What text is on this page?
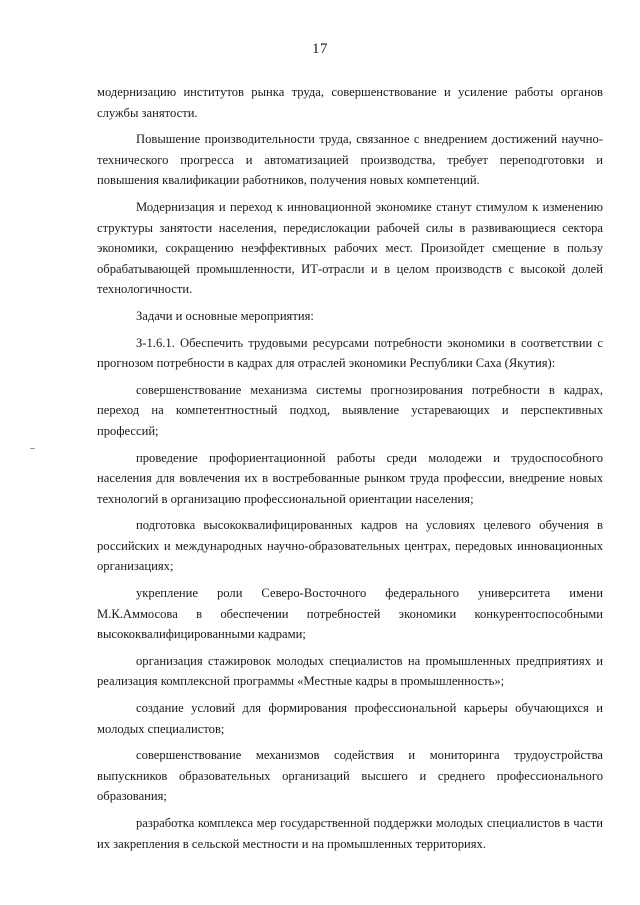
17

модернизацию институтов рынка труда, совершенствование и усиление работы органов службы занятости.

Повышение производительности труда, связанное с внедрением достижений научно-технического прогресса и автоматизацией производства, требует переподготовки и повышения квалификации работников, получения новых компетенций.

Модернизация и переход к инновационной экономике станут стимулом к изменению структуры занятости населения, передислокации рабочей силы в развивающиеся сектора экономики, сокращению неэффективных рабочих мест. Произойдет смещение в пользу обрабатывающей промышленности, ИТ-отрасли и в целом производств с высокой долей технологичности.

Задачи и основные мероприятия:

З-1.6.1. Обеспечить трудовыми ресурсами потребности экономики в соответствии с прогнозом потребности в кадрах для отраслей экономики Республики Саха (Якутия):

совершенствование механизма системы прогнозирования потребности в кадрах, переход на компетентностный подход, выявление устаревающих и перспективных профессий;

проведение профориентационной работы среди молодежи и трудоспособного населения для вовлечения их в востребованные рынком труда профессии, внедрение новых технологий в организацию профессиональной ориентации населения;

подготовка высококвалифицированных кадров на условиях целевого обучения в российских и международных научно-образовательных центрах, передовых инновационных организациях;

укрепление роли Северо-Восточного федерального университета имени М.К.Аммосова в обеспечении потребностей экономики конкурентоспособными высококвалифицированными кадрами;

организация стажировок молодых специалистов на промышленных предприятиях и реализация комплексной программы «Местные кадры в промышленность»;

создание условий для формирования профессиональной карьеры обучающихся и молодых специалистов;

совершенствование механизмов содействия и мониторинга трудоустройства выпускников образовательных организаций высшего и среднего профессионального образования;

разработка комплекса мер государственной поддержки молодых специалистов в части их закрепления в сельской местности и на промышленных территориях.
